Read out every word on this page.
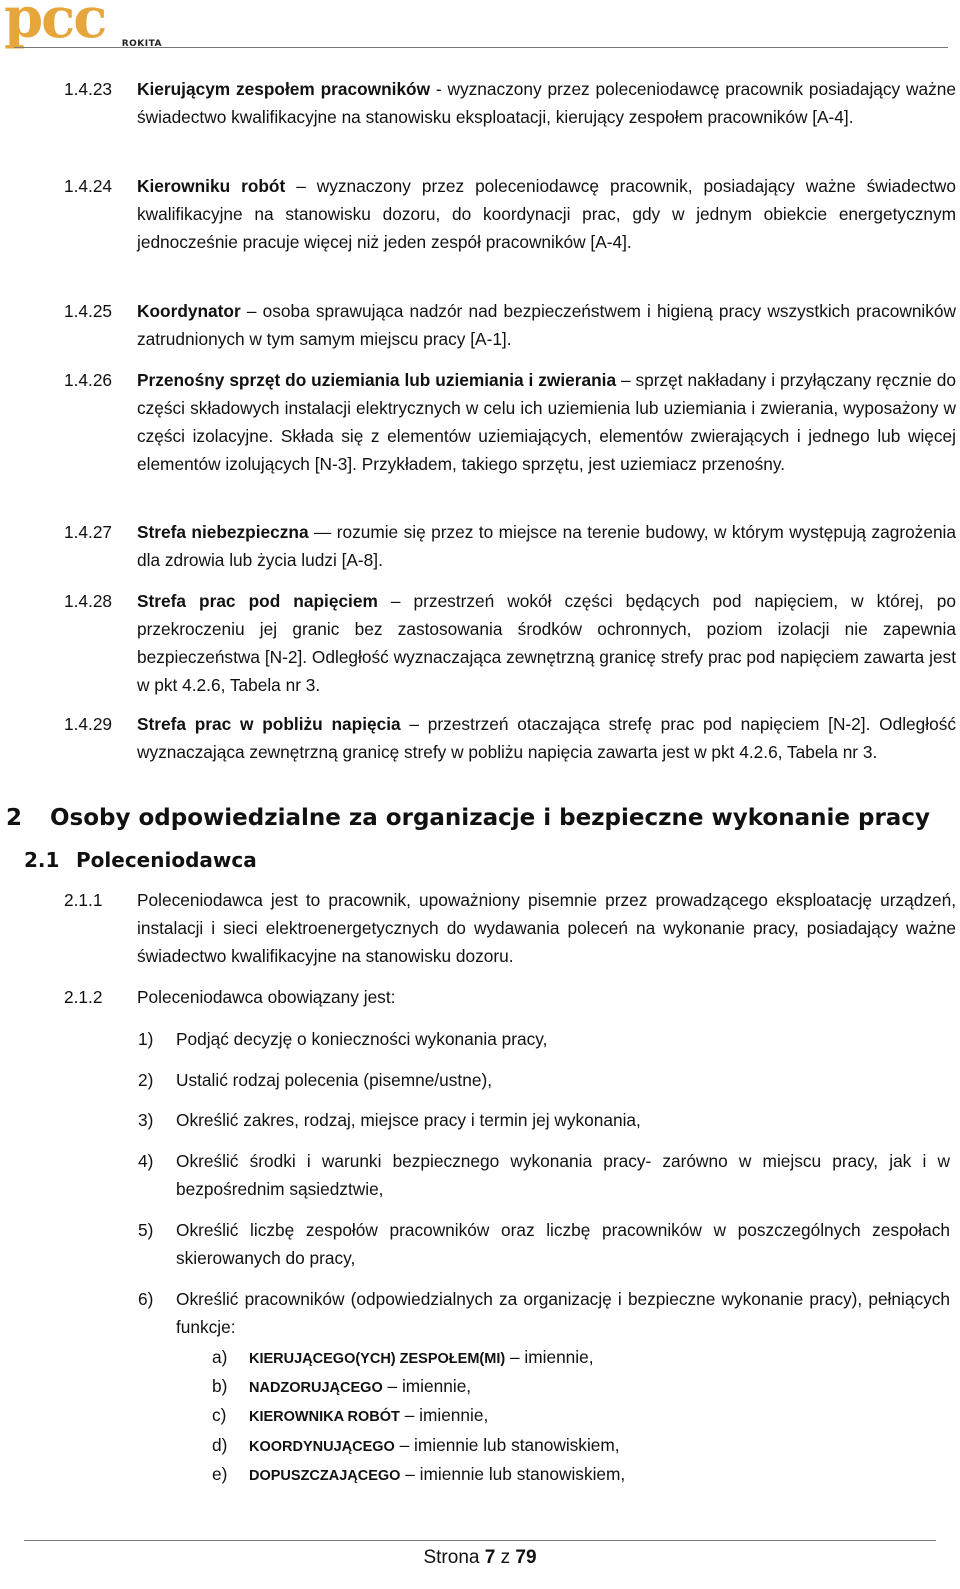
pcc ROKITA
1.4.23	Kierującym zespołem pracowników - wyznaczony przez poleceniodawcę pracownik posiadający ważne świadectwo kwalifikacyjne na stanowisku eksploatacji, kierujący zespołem pracowników [A-4].
1.4.24	Kierowniku robót – wyznaczony przez poleceniodawcę pracownik, posiadający ważne świadectwo kwalifikacyjne na stanowisku dozoru, do koordynacji prac, gdy w jednym obiekcie energetycznym jednocześnie pracuje więcej niż jeden zespół pracowników [A-4].
1.4.25	Koordynator – osoba sprawująca nadzór nad bezpieczeństwem i higieną pracy wszystkich pracowników zatrudnionych w tym samym miejscu pracy [A-1].
1.4.26	Przenośny sprzęt do uziemiania lub uziemiania i zwierania – sprzęt nakładany i przyłączany ręcznie do części składowych instalacji elektrycznych w celu ich uziemienia lub uziemiania i zwierania, wyposażony w części izolacyjne. Składa się z elementów uziemiających, elementów zwierających i jednego lub więcej elementów izolujących [N-3]. Przykładem, takiego sprzętu, jest uziemiacz przenośny.
1.4.27	Strefa niebezpieczna — rozumie się przez to miejsce na terenie budowy, w którym występują zagrożenia dla zdrowia lub życia ludzi [A-8].
1.4.28	Strefa prac pod napięciem – przestrzeń wokół części będących pod napięciem, w której, po przekroczeniu jej granic bez zastosowania środków ochronnych, poziom izolacji nie zapewnia bezpieczeństwa [N-2]. Odległość wyznaczająca zewnętrzną granicę strefy prac pod napięciem zawarta jest w pkt 4.2.6, Tabela nr 3.
1.4.29	Strefa prac w pobliżu napięcia – przestrzeń otaczająca strefę prac pod napięciem [N-2]. Odległość wyznaczająca zewnętrzną granicę strefy w pobliżu napięcia zawarta jest w pkt 4.2.6, Tabela nr 3.
2 Osoby odpowiedzialne za organizacje i bezpieczne wykonanie pracy
2.1 Poleceniodawca
2.1.1	Poleceniodawca jest to pracownik, upoważniony pisemnie przez prowadzącego eksploatację urządzeń, instalacji i sieci elektroenergetycznych do wydawania poleceń na wykonanie pracy, posiadający ważne świadectwo kwalifikacyjne na stanowisku dozoru.
2.1.2	Poleceniodawca obowiązany jest:
1) Podjąć decyzję o konieczności wykonania pracy,
2) Ustalić rodzaj polecenia (pisemne/ustne),
3) Określić zakres, rodzaj, miejsce pracy i termin jej wykonania,
4) Określić środki i warunki bezpiecznego wykonania pracy- zarówno w miejscu pracy, jak i w bezpośrednim sąsiedztwie,
5) Określić liczbę zespołów pracowników oraz liczbę pracowników w poszczególnych zespołach skierowanych do pracy,
6) Określić pracowników (odpowiedzialnych za organizację i bezpieczne wykonanie pracy), pełniących funkcje:
a) KIERUJĄCEGO(YCH) ZESPOŁEM(MI) – imiennie,
b) NADZORUJĄCEGO – imiennie,
c) KIEROWNIKA ROBÓT – imiennie,
d) KOORDYNUJĄCEGO – imiennie lub stanowiskiem,
e) DOPUSZCZAJĄCEGO – imiennie lub stanowiskiem,
Strona 7 z 79
